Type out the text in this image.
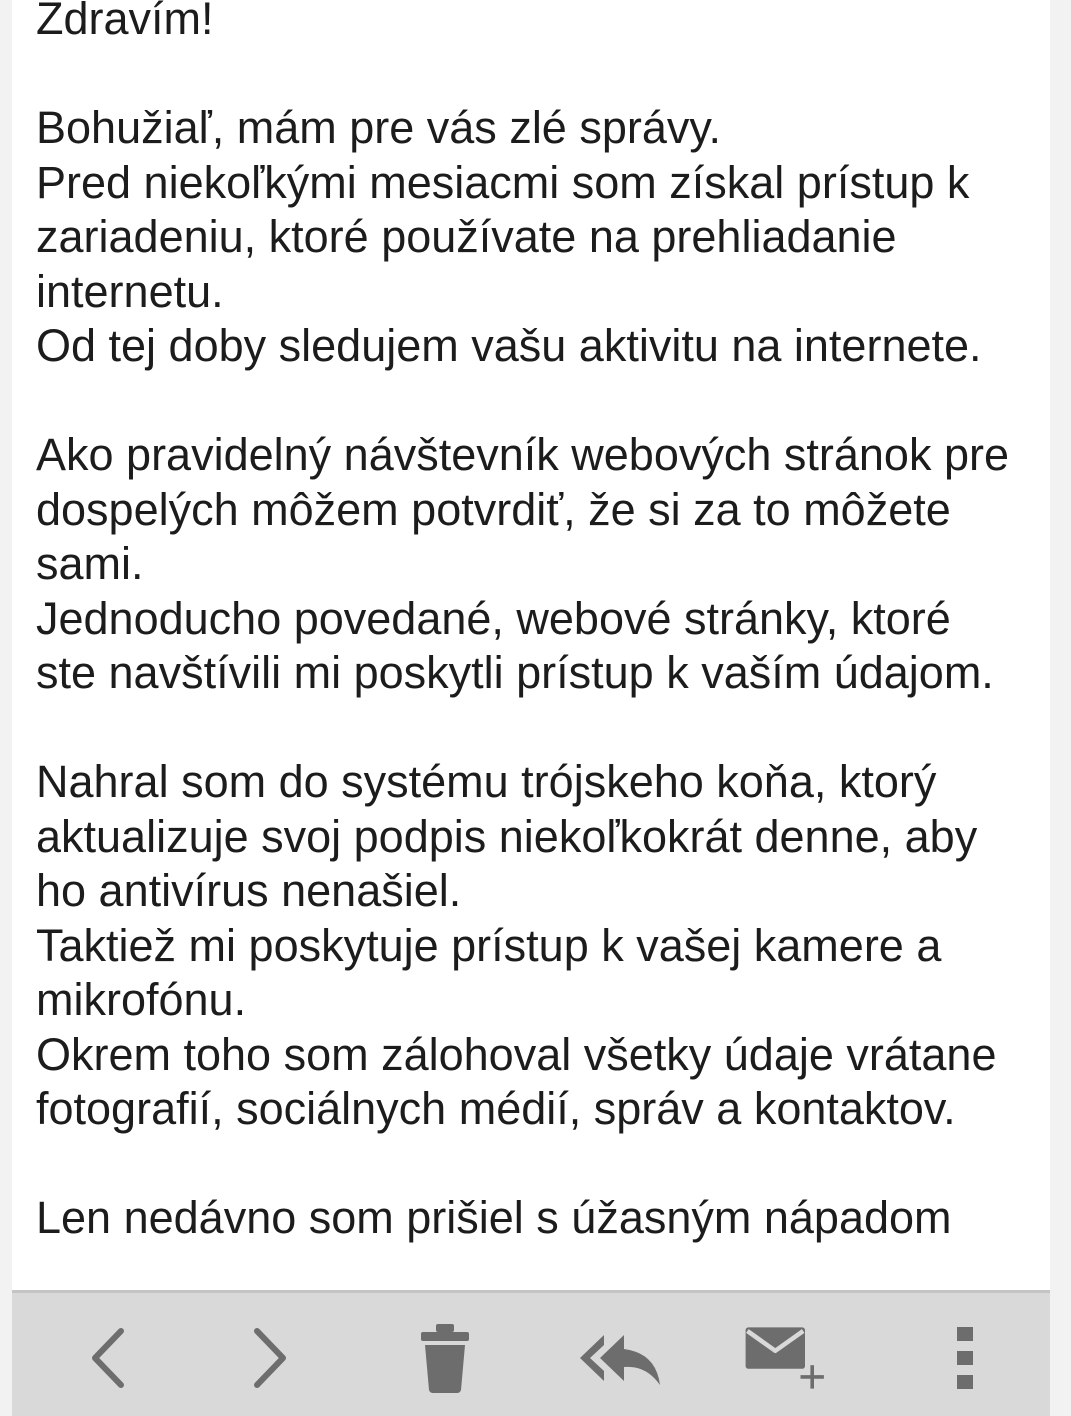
Zdravím!
Bohužiaľ, mám pre vás zlé správy.
Pred niekoľkými mesiacmi som získal prístup k
zariadeniu, ktoré používate na prehliadanie
internetu.
Od tej doby sledujem vašu aktivitu na internete.
Ako pravidelný návštevník webových stránok pre
dospelých môžem potvrdiť, že si za to môžete
sami.
Jednoducho povedané, webové stránky, ktoré
ste navštívili mi poskytli prístup k vaším údajom.
Nahral som do systému trójskeho koňa, ktorý
aktualizuje svoj podpis niekoľkokrát denne, aby
ho antivírus nenašiel.
Taktiež mi poskytuje prístup k vašej kamere a
mikrofónu.
Okrem toho som zálohoval všetky údaje vrátane
fotografií, sociálnych médií, správ a kontaktov.
Len nedávno som prišiel s úžasným nápadom
